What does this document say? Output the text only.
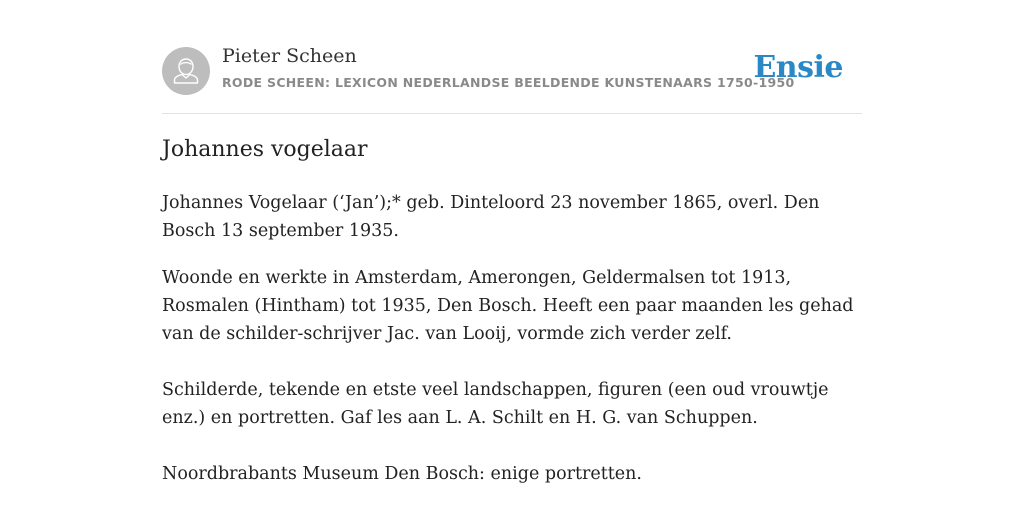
Pieter Scheen
RODE SCHEEN: LEXICON NEDERLANDSE BEELDENDE KUNSTENAARS 1750-1950
Ensie
Johannes vogelaar

Johannes Vogelaar (‘Jan’);* geb. Dinteloord 23 november 1865, overl. Den Bosch 13 september 1935.

Woonde en werkte in Amsterdam, Amerongen, Geldermalsen tot 1913, Rosmalen (Hintham) tot 1935, Den Bosch. Heeft een paar maanden les gehad van de schilder-schrijver Jac. van Looij, vormde zich verder zelf.

Schilderde, tekende en etste veel landschappen, figuren (een oud vrouwtje enz.) en portretten. Gaf les aan L. A. Schilt en H. G. van Schuppen.

Noordbrabants Museum Den Bosch: enige portretten.
